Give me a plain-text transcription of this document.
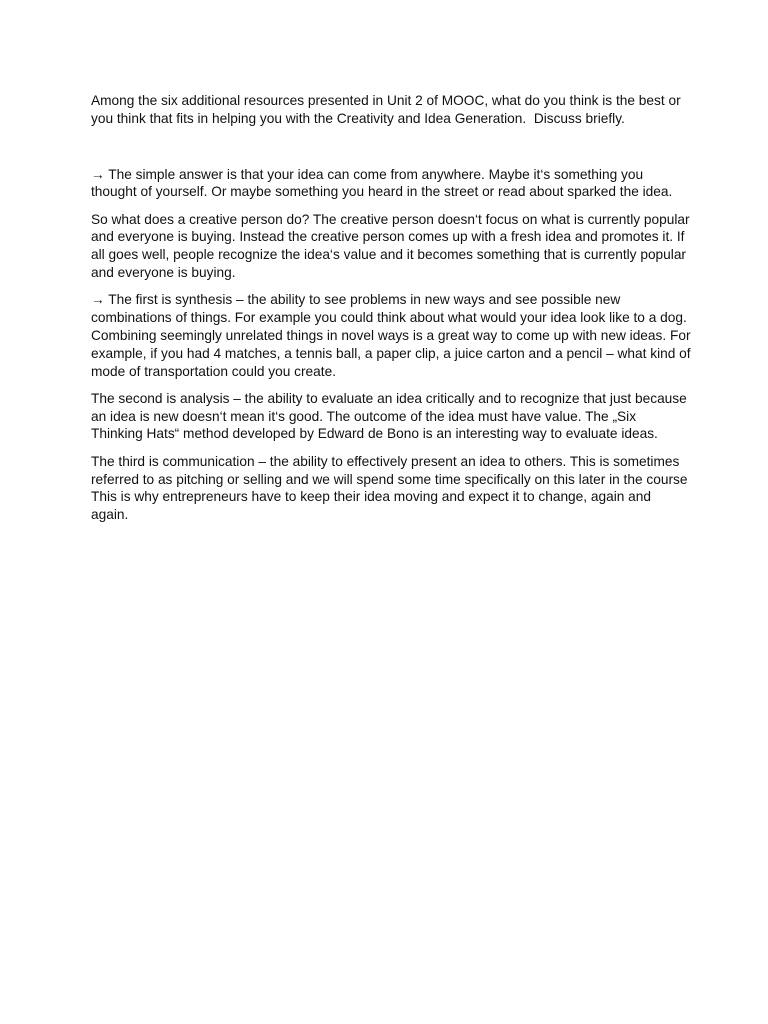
Among the six additional resources presented in Unit 2 of MOOC, what do you think is the best or you think that fits in helping you with the Creativity and Idea Generation.  Discuss briefly.

→ The simple answer is that your idea can come from anywhere. Maybe it‘s something you thought of yourself. Or maybe something you heard in the street or read about sparked the idea.

So what does a creative person do? The creative person doesn‘t focus on what is currently popular and everyone is buying. Instead the creative person comes up with a fresh idea and promotes it. If all goes well, people recognize the idea‘s value and it becomes something that is currently popular and everyone is buying.

→ The first is synthesis – the ability to see problems in new ways and see possible new combinations of things. For example you could think about what would your idea look like to a dog. Combining seemingly unrelated things in novel ways is a great way to come up with new ideas. For example, if you had 4 matches, a tennis ball, a paper clip, a juice carton and a pencil – what kind of mode of transportation could you create.

The second is analysis – the ability to evaluate an idea critically and to recognize that just because an idea is new doesn‘t mean it‘s good. The outcome of the idea must have value. The „Six Thinking Hats“ method developed by Edward de Bono is an interesting way to evaluate ideas.

The third is communication – the ability to effectively present an idea to others. This is sometimes referred to as pitching or selling and we will spend some time specifically on this later in the course This is why entrepreneurs have to keep their idea moving and expect it to change, again and again.
